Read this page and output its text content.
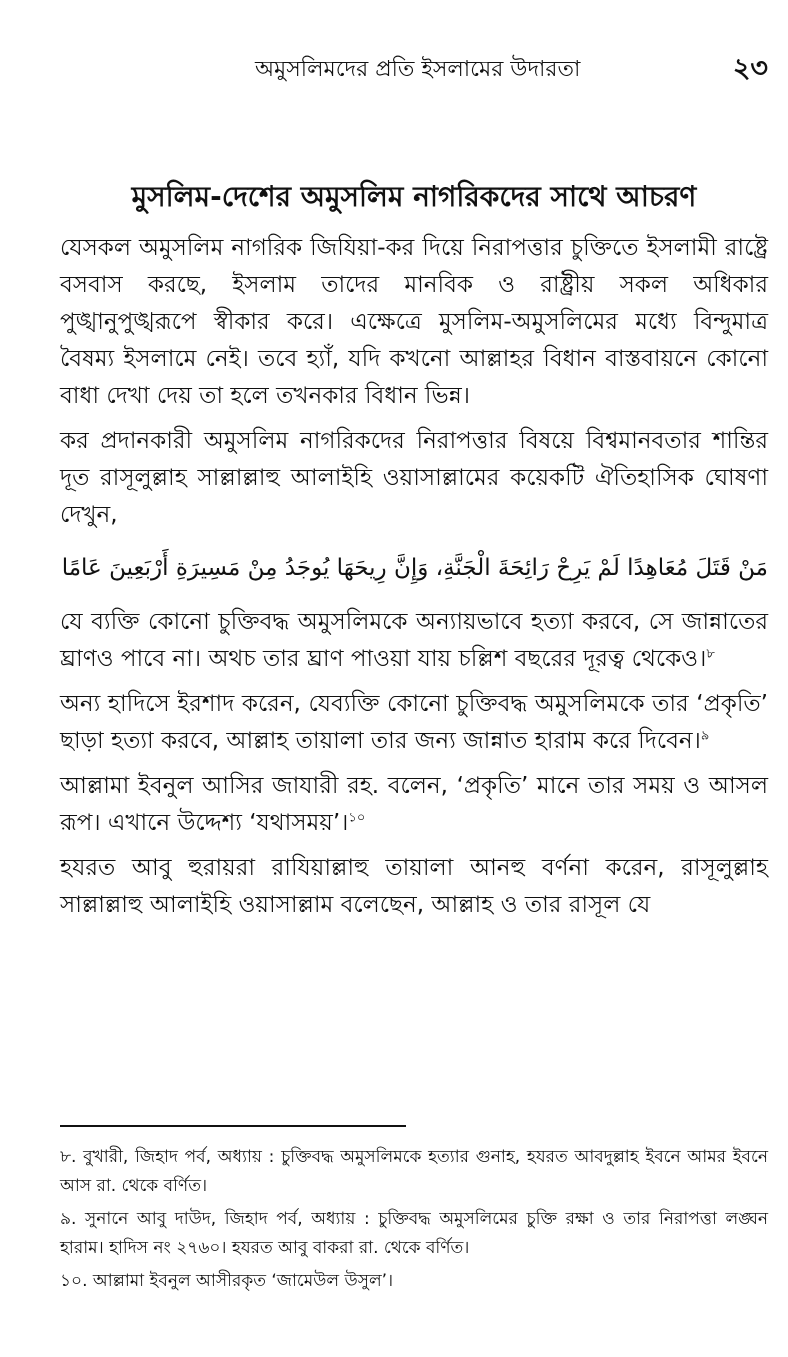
অমুসলিমদের প্রতি ইসলামের উদারতা	২৩
মুসলিম-দেশের অমুসলিম নাগরিকদের সাথে আচরণ

যেসকল অমুসলিম নাগরিক জিযিয়া-কর দিয়ে নিরাপত্তার চুক্তিতে ইসলামী রাষ্ট্রে বসবাস করছে, ইসলাম তাদের মানবিক ও রাষ্ট্রীয় সকল অধিকার পুঙ্খানুপুঙ্খরূপে স্বীকার করে। এক্ষেত্রে মুসলিম-অমুসলিমের মধ্যে বিন্দুমাত্র বৈষম্য ইসলামে নেই। তবে হ্যাঁ, যদি কখনো আল্লাহর বিধান বাস্তবায়নে কোনো বাধা দেখা দেয় তা হলে তখনকার বিধান ভিন্ন।

কর প্রদানকারী অমুসলিম নাগরিকদের নিরাপত্তার বিষয়ে বিশ্বমানবতার শান্তির দূত রাসূলুল্লাহ সাল্লাল্লাহু আলাইহি ওয়াসাল্লামের কয়েকটি ঐতিহাসিক ঘোষণা দেখুন,

مَنْ قَتَلَ مُعَاهِدًا لَمْ يَرِحْ رَائِحَةَ الْجَنَّةِ، وَإِنَّ رِيحَهَا يُوجَدُ مِنْ مَسِيرَةِ أَرْبَعِينَ عَامًا

যে ব্যক্তি কোনো চুক্তিবদ্ধ অমুসলিমকে অন্যায়ভাবে হত্যা করবে, সে জান্নাতের ঘ্রাণও পাবে না। অথচ তার ঘ্রাণ পাওয়া যায় চল্লিশ বছরের দূরত্ব থেকেও।$^৮$

অন্য হাদিসে ইরশাদ করেন, যেব্যক্তি কোনো চুক্তিবদ্ধ অমুসলিমকে তার ‘প্রকৃতি’ ছাড়া হত্যা করবে, আল্লাহ তায়ালা তার জন্য জান্নাত হারাম করে দিবেন।$^৯$

আল্লামা ইবনুল আসির জাযারী রহ. বলেন, ‘প্রকৃতি’ মানে তার সময় ও আসল রূপ। এখানে উদ্দেশ্য ‘যথাসময়’।$^{১০}$

হযরত আবু হুরায়রা রাযিয়াল্লাহু তায়ালা আনহু বর্ণনা করেন, রাসূলুল্লাহ সাল্লাল্লাহু আলাইহি ওয়াসাল্লাম বলেছেন, আল্লাহ ও তার রাসূল যে

৮. বুখারী, জিহাদ পর্ব, অধ্যায় : চুক্তিবদ্ধ অমুসলিমকে হত্যার গুনাহ, হযরত আবদুল্লাহ ইবনে আমর ইবনে আস রা. থেকে বর্ণিত।

৯. সুনানে আবু দাউদ, জিহাদ পর্ব, অধ্যায় : চুক্তিবদ্ধ অমুসলিমের চুক্তি রক্ষা ও তার নিরাপত্তা লঙ্ঘন হারাম। হাদিস নং ২৭৬০। হযরত আবু বাকরা রা. থেকে বর্ণিত।

১০. আল্লামা ইবনুল আসীরকৃত ‘জামেউল উসুল’।
